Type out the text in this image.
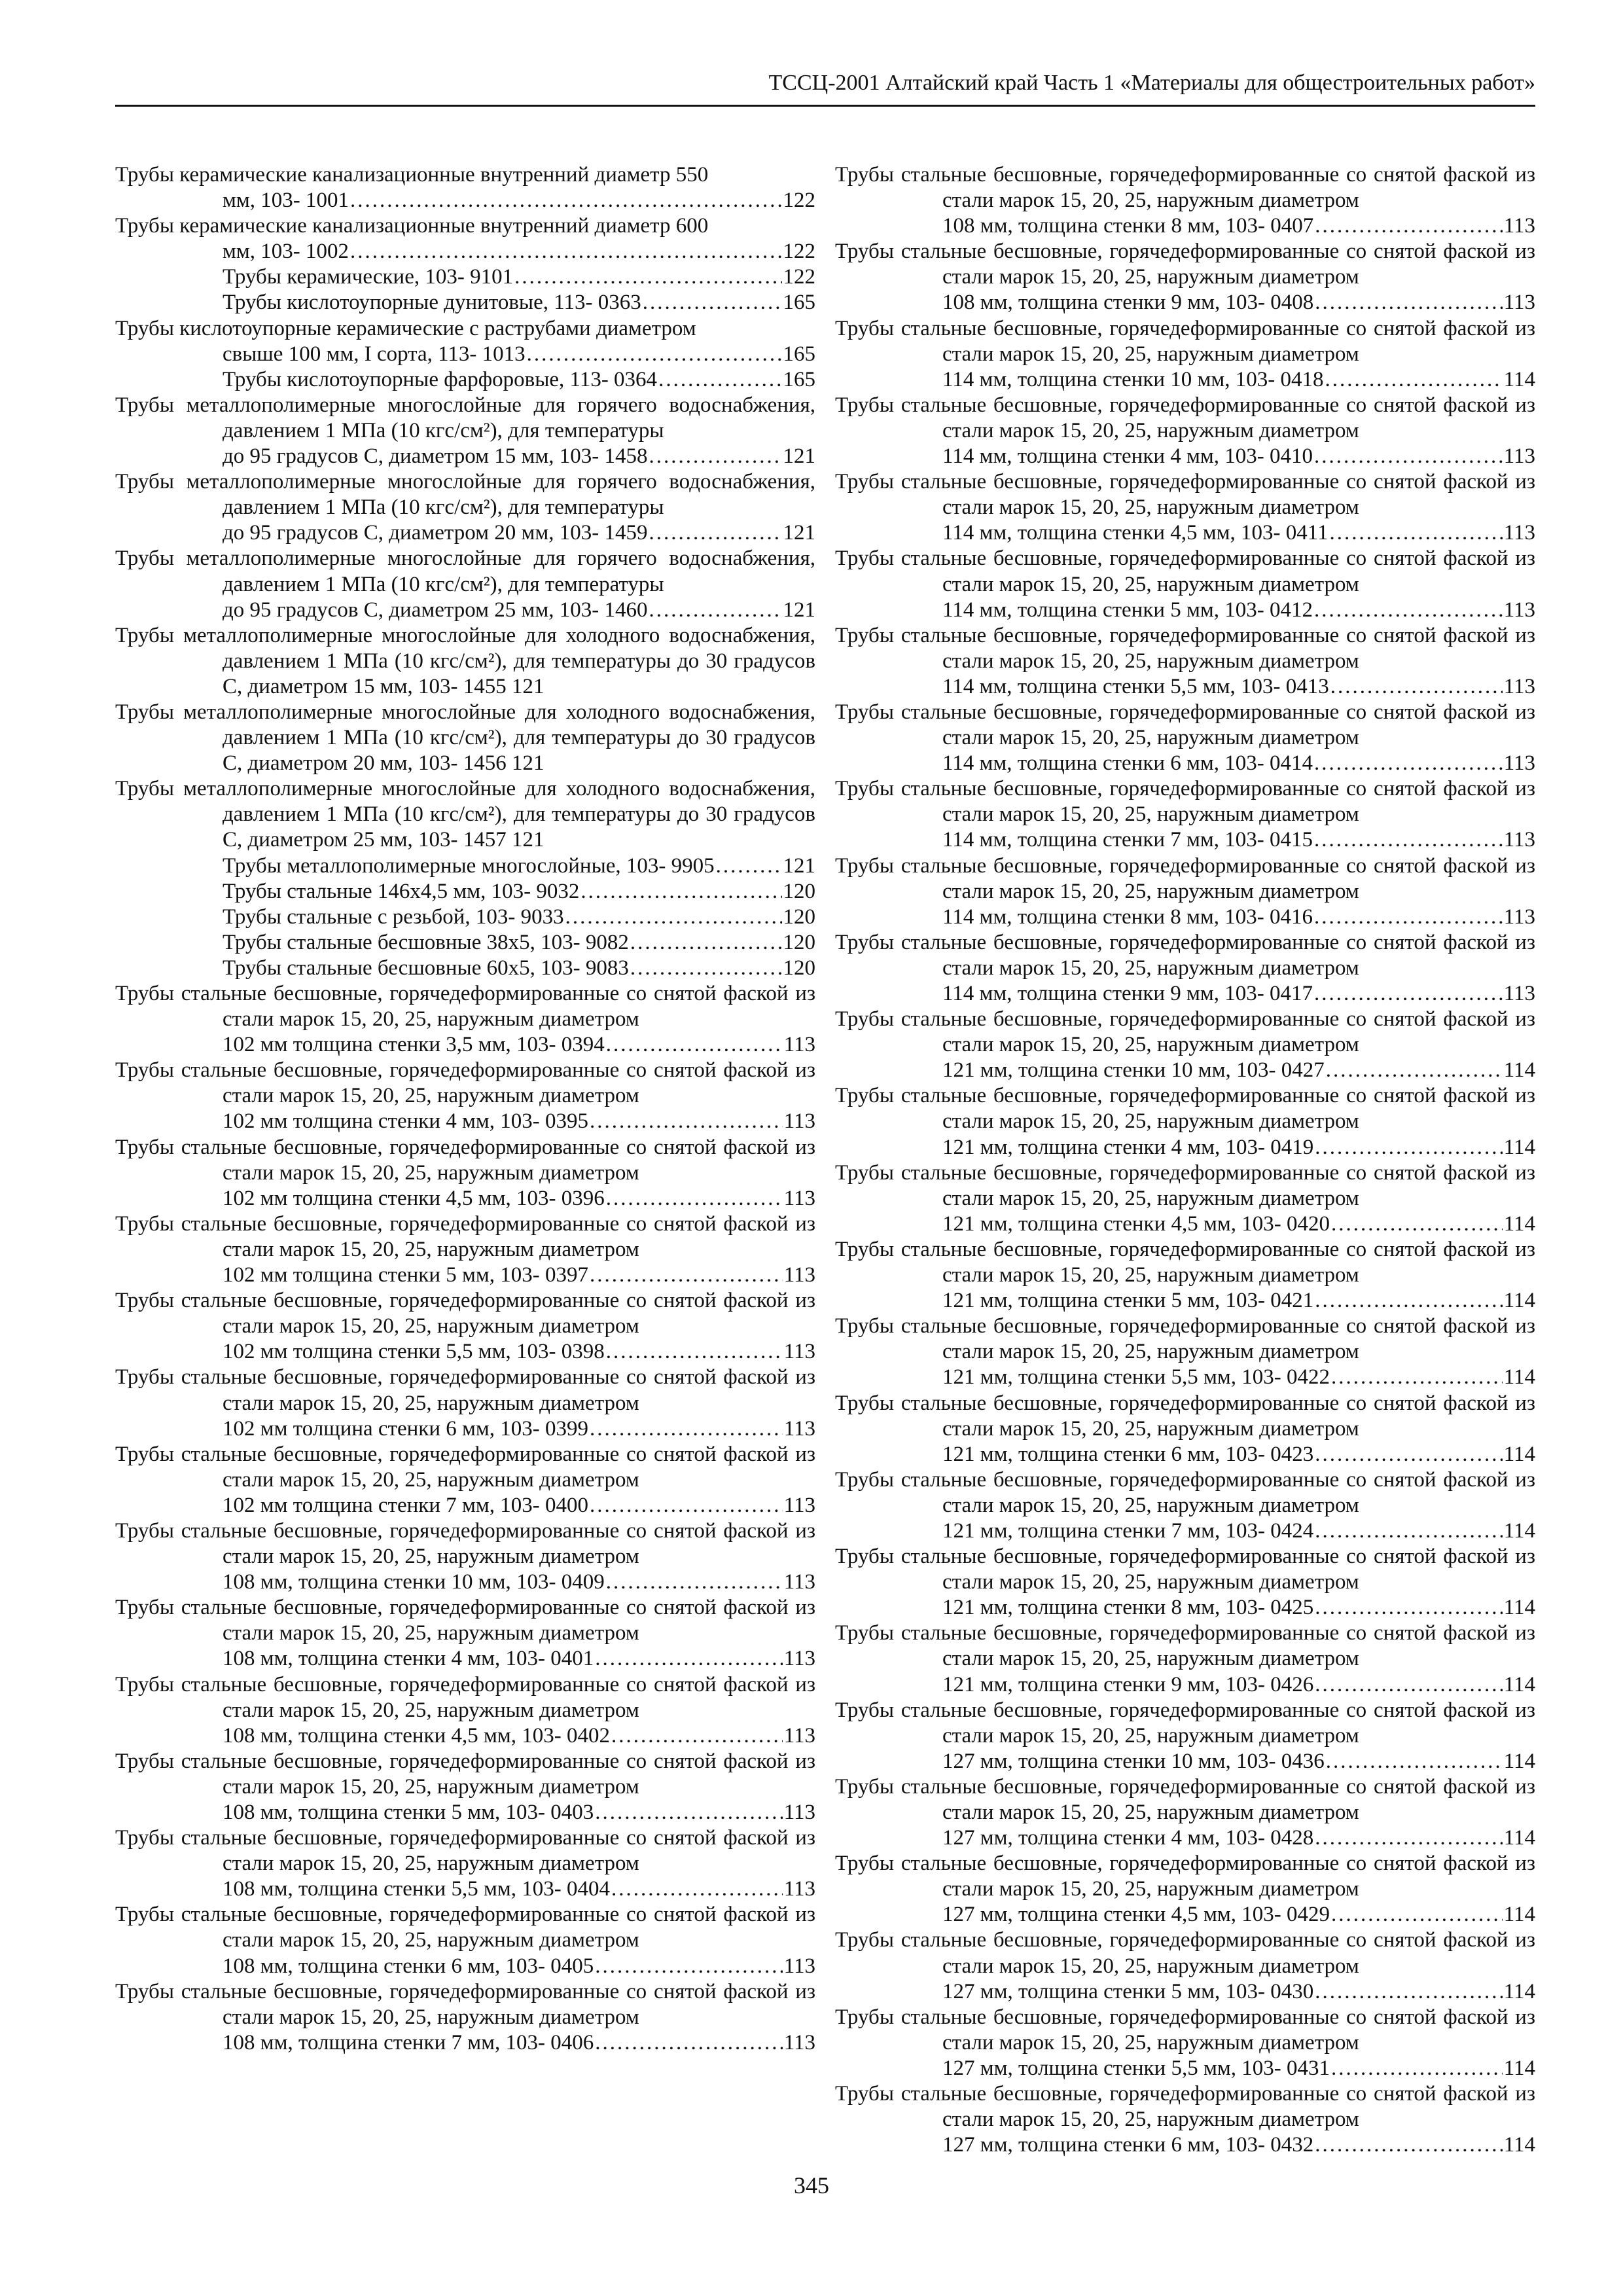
ТССЦ-2001 Алтайский край Часть 1 «Материалы для общестроительных работ»
Трубы керамические канализационные внутренний диаметр 550
мм, 103- 1001 .....	122
Трубы керамические канализационные внутренний диаметр 600
мм, 103- 1002 .....	122
Трубы керамические, 103- 9101 .....	122
Трубы кислотоупорные дунитовые, 113- 0363 .....	165
Трубы кислотоупорные керамические с раструбами диаметром
свыше 100 мм, I сорта, 113- 1013 .....	165
Трубы кислотоупорные фарфоровые, 113- 0364 .....	165
Трубы металлополимерные многослойные для горячего водоснабжения, давлением 1 МПа (10 кгс/см²), для температуры
до 95 градусов С, диаметром 15 мм, 103- 1458 .....	121
Трубы металлополимерные многослойные для горячего водоснабжения, давлением 1 МПа (10 кгс/см²), для температуры
до 95 градусов С, диаметром 20 мм, 103- 1459 .....	121
Трубы металлополимерные многослойные для горячего водоснабжения, давлением 1 МПа (10 кгс/см²), для температуры
до 95 градусов С, диаметром 25 мм, 103- 1460 .....	121
Трубы металлополимерные многослойные для холодного водоснабжения, давлением 1 МПа (10 кгс/см²), для температуры до 30 градусов С, диаметром 15 мм, 103- 1455 121
Трубы металлополимерные многослойные для холодного водоснабжения, давлением 1 МПа (10 кгс/см²), для температуры до 30 градусов С, диаметром 20 мм, 103- 1456 121
Трубы металлополимерные многослойные для холодного водоснабжения, давлением 1 МПа (10 кгс/см²), для температуры до 30 градусов С, диаметром 25 мм, 103- 1457 121
Трубы металлополимерные многослойные, 103- 9905 .....	121
Трубы стальные 146x4,5 мм, 103- 9032 .....	120
Трубы стальные с резьбой, 103- 9033 .....	120
Трубы стальные бесшовные 38x5, 103- 9082 .....	120
Трубы стальные бесшовные 60x5, 103- 9083 .....	120
Трубы стальные бесшовные, горячедеформированные со снятой фаской из стали марок 15, 20, 25, наружным диаметром
102 мм толщина стенки 3,5 мм, 103- 0394 .....	113
Трубы стальные бесшовные, горячедеформированные со снятой фаской из стали марок 15, 20, 25, наружным диаметром
102 мм толщина стенки 4 мм, 103- 0395 .....	113
Трубы стальные бесшовные, горячедеформированные со снятой фаской из стали марок 15, 20, 25, наружным диаметром
102 мм толщина стенки 4,5 мм, 103- 0396 .....	113
Трубы стальные бесшовные, горячедеформированные со снятой фаской из стали марок 15, 20, 25, наружным диаметром
102 мм толщина стенки 5 мм, 103- 0397 .....	113
Трубы стальные бесшовные, горячедеформированные со снятой фаской из стали марок 15, 20, 25, наружным диаметром
102 мм толщина стенки 5,5 мм, 103- 0398 .....	113
Трубы стальные бесшовные, горячедеформированные со снятой фаской из стали марок 15, 20, 25, наружным диаметром
102 мм толщина стенки 6 мм, 103- 0399 .....	113
Трубы стальные бесшовные, горячедеформированные со снятой фаской из стали марок 15, 20, 25, наружным диаметром
102 мм толщина стенки 7 мм, 103- 0400 .....	113
Трубы стальные бесшовные, горячедеформированные со снятой фаской из стали марок 15, 20, 25, наружным диаметром
108 мм, толщина стенки 10 мм, 103- 0409 .....	113
Трубы стальные бесшовные, горячедеформированные со снятой фаской из стали марок 15, 20, 25, наружным диаметром
108 мм, толщина стенки 4 мм, 103- 0401 .....	113
Трубы стальные бесшовные, горячедеформированные со снятой фаской из стали марок 15, 20, 25, наружным диаметром
108 мм, толщина стенки 4,5 мм, 103- 0402 .....	113
Трубы стальные бесшовные, горячедеформированные со снятой фаской из стали марок 15, 20, 25, наружным диаметром
108 мм, толщина стенки 5 мм, 103- 0403 .....	113
Трубы стальные бесшовные, горячедеформированные со снятой фаской из стали марок 15, 20, 25, наружным диаметром
108 мм, толщина стенки 5,5 мм, 103- 0404 .....	113
Трубы стальные бесшовные, горячедеформированные со снятой фаской из стали марок 15, 20, 25, наружным диаметром
108 мм, толщина стенки 6 мм, 103- 0405 .....	113
Трубы стальные бесшовные, горячедеформированные со снятой фаской из стали марок 15, 20, 25, наружным диаметром
108 мм, толщина стенки 7 мм, 103- 0406 .....	113
Трубы стальные бесшовные, горячедеформированные со снятой фаской из стали марок 15, 20, 25, наружным диаметром
108 мм, толщина стенки 8 мм, 103- 0407 .....	113
Трубы стальные бесшовные, горячедеформированные со снятой фаской из стали марок 15, 20, 25, наружным диаметром
108 мм, толщина стенки 9 мм, 103- 0408 .....	113
Трубы стальные бесшовные, горячедеформированные со снятой фаской из стали марок 15, 20, 25, наружным диаметром
114 мм, толщина стенки 10 мм, 103- 0418 .....	114
Трубы стальные бесшовные, горячедеформированные со снятой фаской из стали марок 15, 20, 25, наружным диаметром
114 мм, толщина стенки 4 мм, 103- 0410 .....	113
Трубы стальные бесшовные, горячедеформированные со снятой фаской из стали марок 15, 20, 25, наружным диаметром
114 мм, толщина стенки 4,5 мм, 103- 0411 .....	113
Трубы стальные бесшовные, горячедеформированные со снятой фаской из стали марок 15, 20, 25, наружным диаметром
114 мм, толщина стенки 5 мм, 103- 0412 .....	113
Трубы стальные бесшовные, горячедеформированные со снятой фаской из стали марок 15, 20, 25, наружным диаметром
114 мм, толщина стенки 5,5 мм, 103- 0413 .....	113
Трубы стальные бесшовные, горячедеформированные со снятой фаской из стали марок 15, 20, 25, наружным диаметром
114 мм, толщина стенки 6 мм, 103- 0414 .....	113
Трубы стальные бесшовные, горячедеформированные со снятой фаской из стали марок 15, 20, 25, наружным диаметром
114 мм, толщина стенки 7 мм, 103- 0415 .....	113
Трубы стальные бесшовные, горячедеформированные со снятой фаской из стали марок 15, 20, 25, наружным диаметром
114 мм, толщина стенки 8 мм, 103- 0416 .....	113
Трубы стальные бесшовные, горячедеформированные со снятой фаской из стали марок 15, 20, 25, наружным диаметром
114 мм, толщина стенки 9 мм, 103- 0417 .....	113
Трубы стальные бесшовные, горячедеформированные со снятой фаской из стали марок 15, 20, 25, наружным диаметром
121 мм, толщина стенки 10 мм, 103- 0427 .....	114
Трубы стальные бесшовные, горячедеформированные со снятой фаской из стали марок 15, 20, 25, наружным диаметром
121 мм, толщина стенки 4 мм, 103- 0419 .....	114
Трубы стальные бесшовные, горячедеформированные со снятой фаской из стали марок 15, 20, 25, наружным диаметром
121 мм, толщина стенки 4,5 мм, 103- 0420 .....	114
Трубы стальные бесшовные, горячедеформированные со снятой фаской из стали марок 15, 20, 25, наружным диаметром
121 мм, толщина стенки 5 мм, 103- 0421 .....	114
Трубы стальные бесшовные, горячедеформированные со снятой фаской из стали марок 15, 20, 25, наружным диаметром
121 мм, толщина стенки 5,5 мм, 103- 0422 .....	114
Трубы стальные бесшовные, горячедеформированные со снятой фаской из стали марок 15, 20, 25, наружным диаметром
121 мм, толщина стенки 6 мм, 103- 0423 .....	114
Трубы стальные бесшовные, горячедеформированные со снятой фаской из стали марок 15, 20, 25, наружным диаметром
121 мм, толщина стенки 7 мм, 103- 0424 .....	114
Трубы стальные бесшовные, горячедеформированные со снятой фаской из стали марок 15, 20, 25, наружным диаметром
121 мм, толщина стенки 8 мм, 103- 0425 .....	114
Трубы стальные бесшовные, горячедеформированные со снятой фаской из стали марок 15, 20, 25, наружным диаметром
121 мм, толщина стенки 9 мм, 103- 0426 .....	114
Трубы стальные бесшовные, горячедеформированные со снятой фаской из стали марок 15, 20, 25, наружным диаметром
127 мм, толщина стенки 10 мм, 103- 0436 .....	114
Трубы стальные бесшовные, горячедеформированные со снятой фаской из стали марок 15, 20, 25, наружным диаметром
127 мм, толщина стенки 4 мм, 103- 0428 .....	114
Трубы стальные бесшовные, горячедеформированные со снятой фаской из стали марок 15, 20, 25, наружным диаметром
127 мм, толщина стенки 4,5 мм, 103- 0429 .....	114
Трубы стальные бесшовные, горячедеформированные со снятой фаской из стали марок 15, 20, 25, наружным диаметром
127 мм, толщина стенки 5 мм, 103- 0430 .....	114
Трубы стальные бесшовные, горячедеформированные со снятой фаской из стали марок 15, 20, 25, наружным диаметром
127 мм, толщина стенки 5,5 мм, 103- 0431 .....	114
Трубы стальные бесшовные, горячедеформированные со снятой фаской из стали марок 15, 20, 25, наружным диаметром
127 мм, толщина стенки 6 мм, 103- 0432 .....	114
345
